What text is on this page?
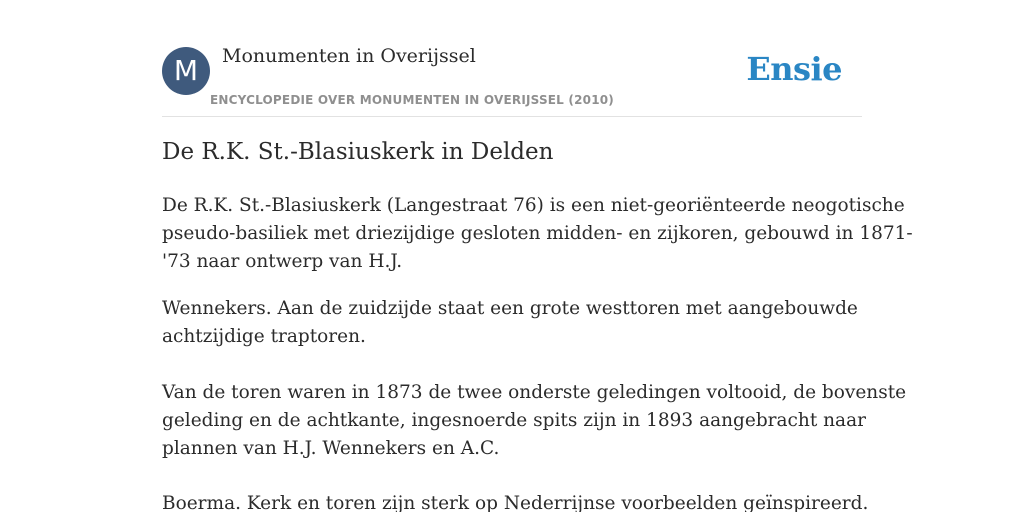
M	Monumenten in Overijssel
ENCYCLOPEDIE OVER MONUMENTEN IN OVERIJSSEL (2010)
Ensie
De R.K. St.-Blasiuskerk in Delden

De R.K. St.-Blasiuskerk (Langestraat 76) is een niet-georiënteerde neogotische
pseudo-basiliek met driezijdige gesloten midden- en zijkoren, gebouwd in 1871-
'73 naar ontwerp van H.J.

Wennekers. Aan de zuidzijde staat een grote westtoren met aangebouwde
achtzijdige traptoren.

Van de toren waren in 1873 de twee onderste geledingen voltooid, de bovenste
geleding en de achtkante, ingesnoerde spits zijn in 1893 aangebracht naar
plannen van H.J. Wennekers en A.C.

Boerma. Kerk en toren zijn sterk op Nederrijnse voorbeelden geïnspireerd.
